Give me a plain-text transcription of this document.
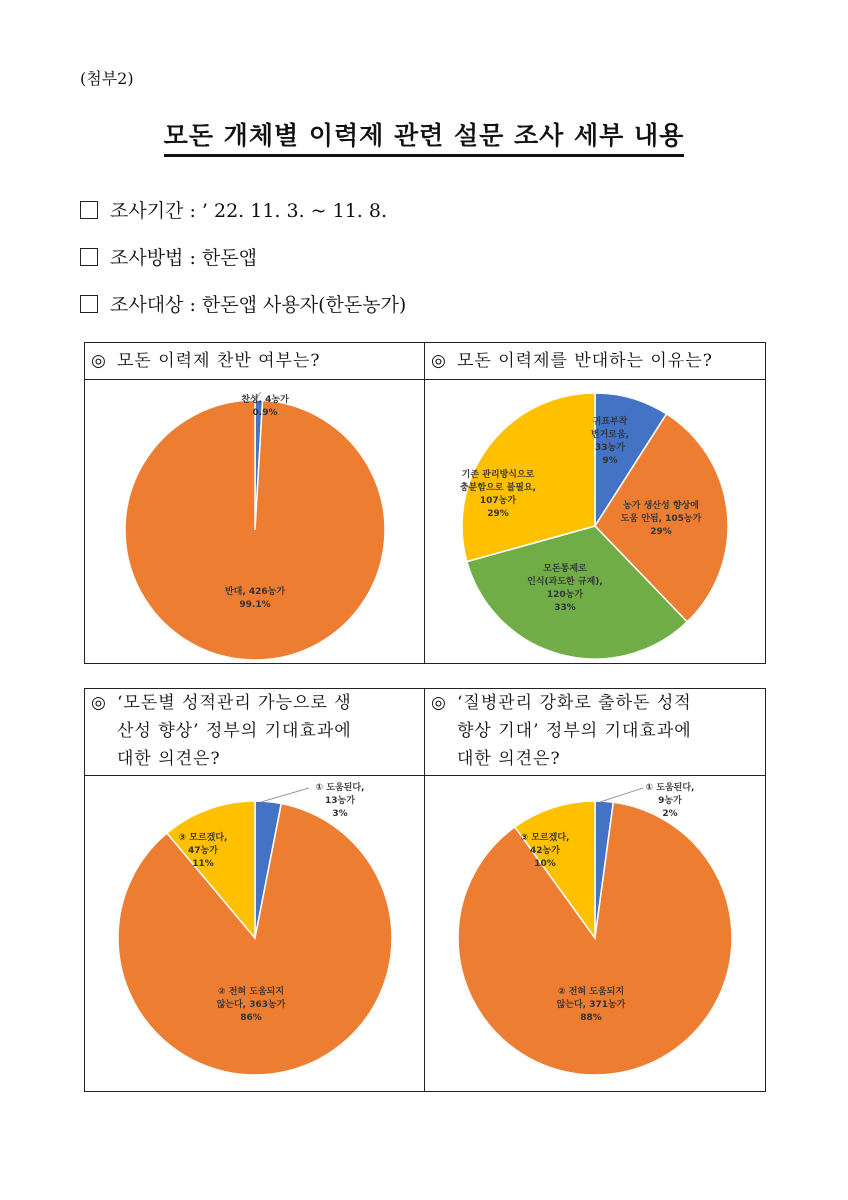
(첨부2)
모돈 개체별 이력제 관련 설문 조사 세부 내용
조사기간 : ’ 22. 11. 3. ~ 11. 8.
조사방법 : 한돈앱
조사대상 : 한돈앱 사용자(한돈농가)
◎ 모돈 이력제 찬반 여부는?	◎ 모돈 이력제를 반대하는 이유는?
찬성, 4농가 0.9%
반대, 426농가 99.1%
귀표부착 번거로움, 33농가 9%
농가 생산성 향상에 도움 안됨, 105농가 29%
모돈통제로 인식(과도한 규제), 120농가 33%
기존 관리방식으로 충분함으로 불필요, 107농가 29%
◎ ‘모돈별 성적관리 가능으로 생
산성 향상’ 정부의 기대효과에
대한 의견은?
◎ ‘질병관리 강화로 출하돈 성적
향상 기대’ 정부의 기대효과에
대한 의견은?
① 도움된다, 13농가 3%
② 전혀 도움되지 않는다, 363농가 86%
③ 모르겠다, 47농가 11%
① 도움된다, 9농가 2%
② 전혀 도움되지 않는다, 371농가 88%
③ 모르겠다, 42농가 10%
